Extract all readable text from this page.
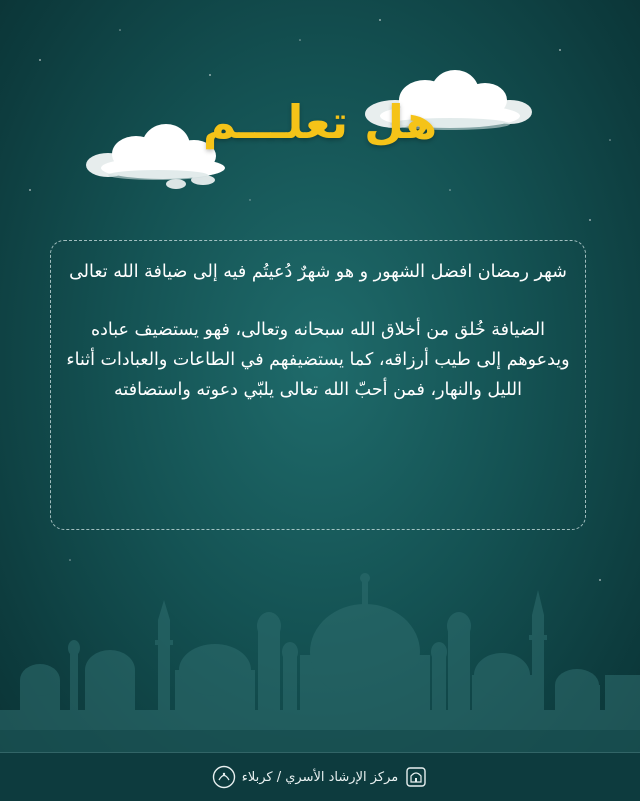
هل تعلـــم

شهر رمضان افضل الشهور و هو شهرٌ دُعيتُم فيه إلى ضيافة الله تعالى

الضيافة خُلق من أخلاق الله سبحانه وتعالى، فهو يستضيف عباده ويدعوهم إلى طيب أرزاقه، كما يستضيفهم في الطاعات والعبادات أثناء الليل والنهار، فمن أحبّ الله تعالى يلبّي دعوته واستضافته

مركز الإرشاد الأسري / كربلاء
